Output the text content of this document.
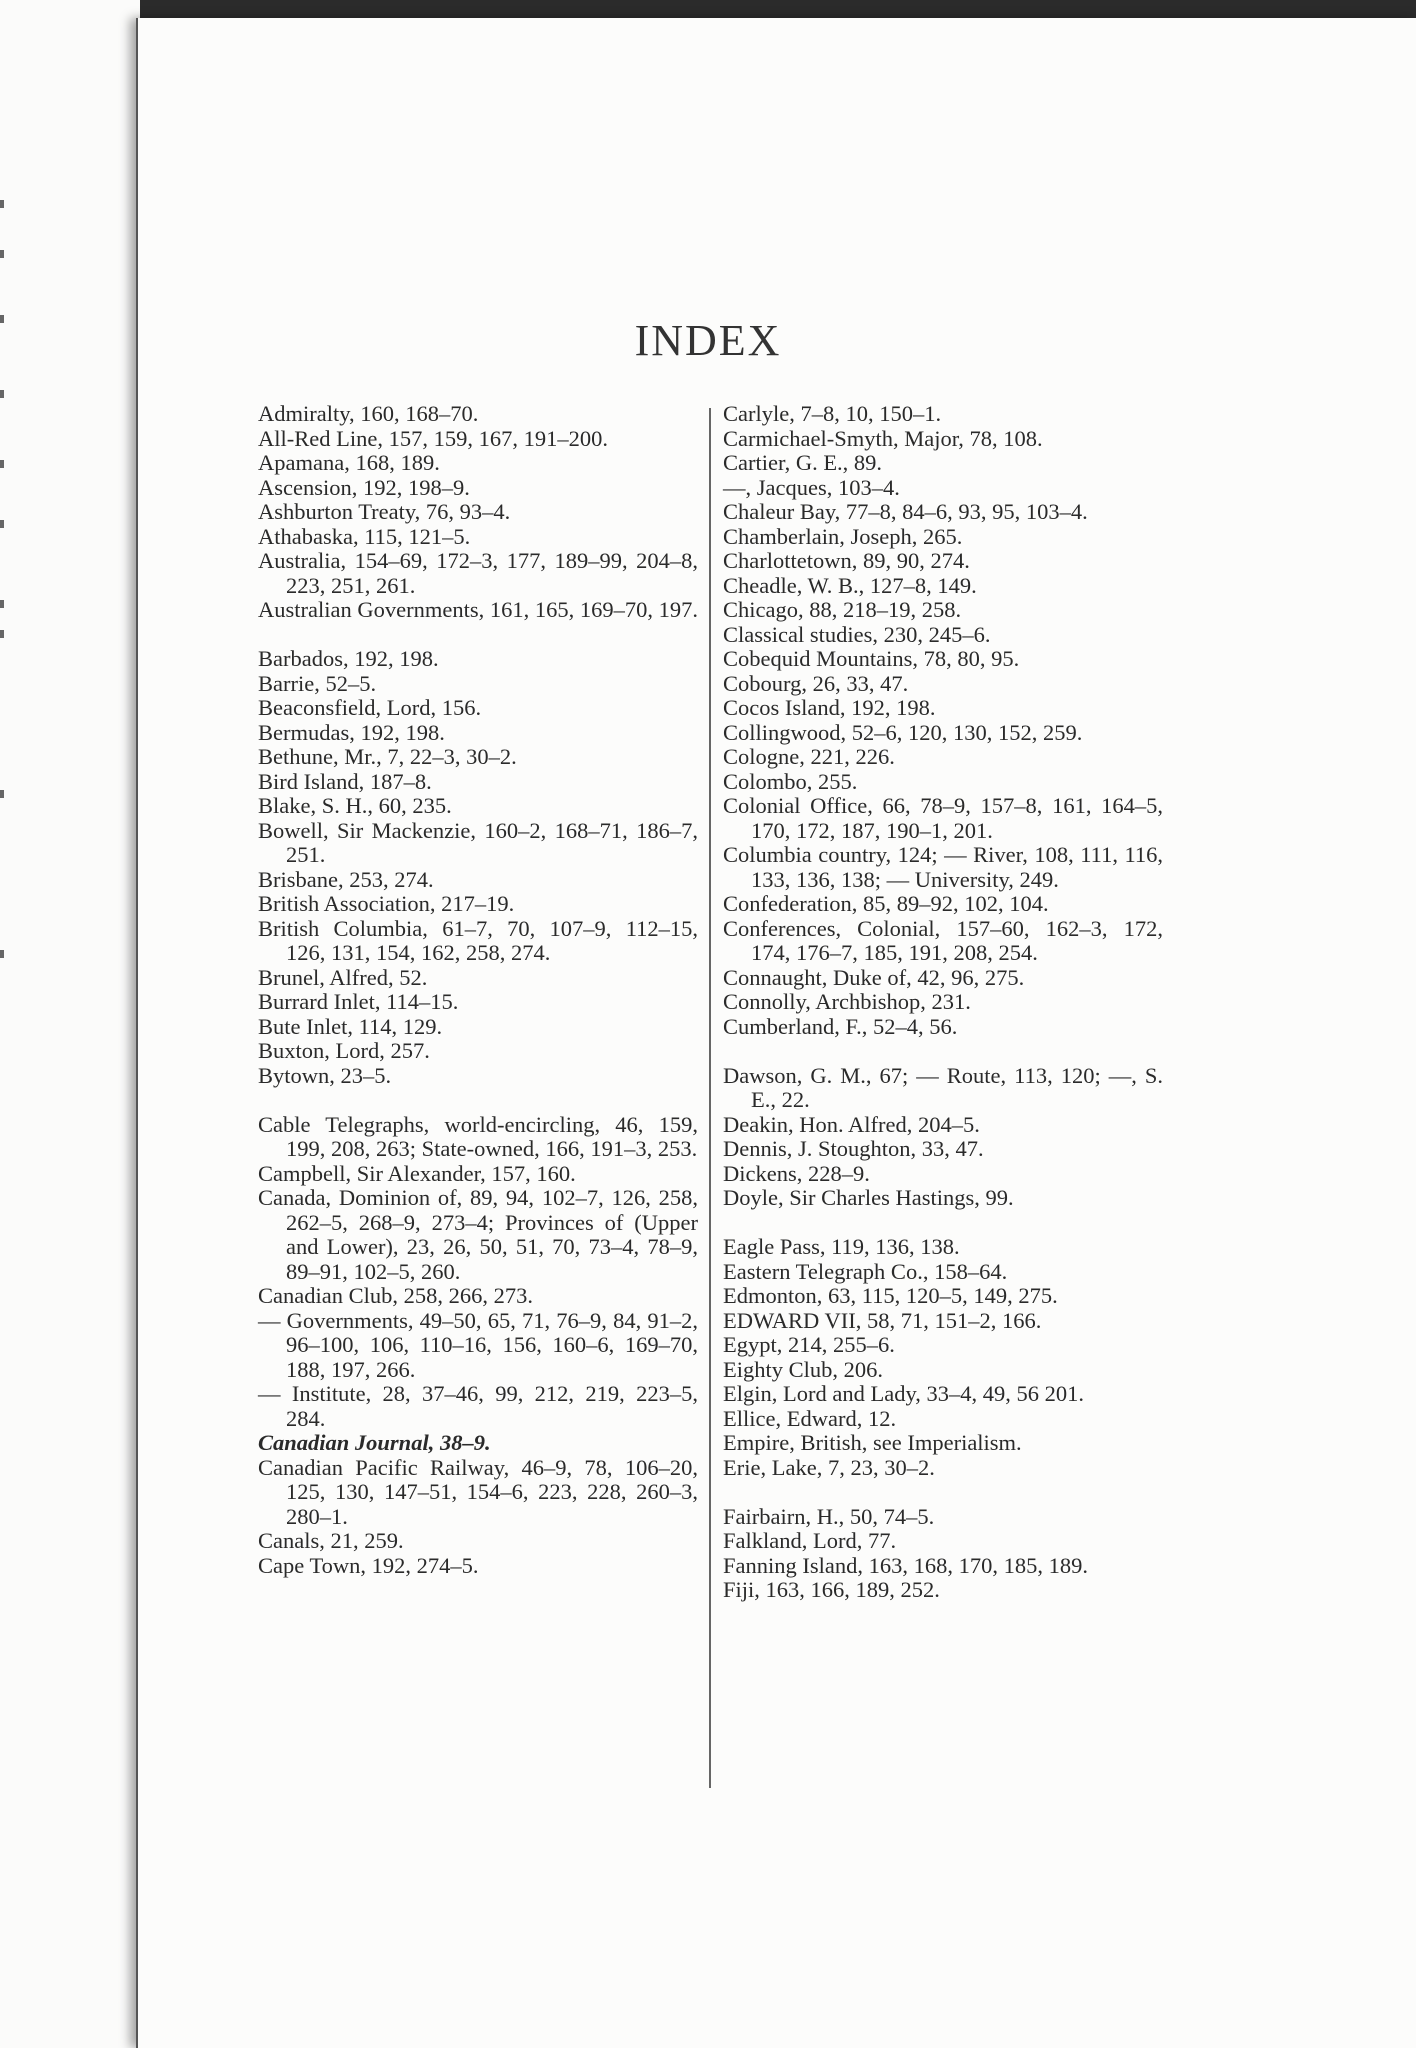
INDEX
Admiralty, 160, 168–70.
All-Red Line, 157, 159, 167, 191–200.
Apamana, 168, 189.
Ascension, 192, 198–9.
Ashburton Treaty, 76, 93–4.
Athabaska, 115, 121–5.
Australia, 154–69, 172–3, 177, 189–99, 204–8, 223, 251, 261.
Australian Governments, 161, 165, 169–70, 197.
Barbados, 192, 198.
Barrie, 52–5.
Beaconsfield, Lord, 156.
Bermudas, 192, 198.
Bethune, Mr., 7, 22–3, 30–2.
Bird Island, 187–8.
Blake, S. H., 60, 235.
Bowell, Sir Mackenzie, 160–2, 168–71, 186–7, 251.
Brisbane, 253, 274.
British Association, 217–19.
British Columbia, 61–7, 70, 107–9, 112–15, 126, 131, 154, 162, 258, 274.
Brunel, Alfred, 52.
Burrard Inlet, 114–15.
Bute Inlet, 114, 129.
Buxton, Lord, 257.
Bytown, 23–5.
Cable Telegraphs, world-encircling, 46, 159, 199, 208, 263; State-owned, 166, 191–3, 253.
Campbell, Sir Alexander, 157, 160.
Canada, Dominion of, 89, 94, 102–7, 126, 258, 262–5, 268–9, 273–4; Provinces of (Upper and Lower), 23, 26, 50, 51, 70, 73–4, 78–9, 89–91, 102–5, 260.
Canadian Club, 258, 266, 273.
— Governments, 49–50, 65, 71, 76–9, 84, 91–2, 96–100, 106, 110–16, 156, 160–6, 169–70, 188, 197, 266.
— Institute, 28, 37–46, 99, 212, 219, 223–5, 284.
Canadian Journal, 38–9.
Canadian Pacific Railway, 46–9, 78, 106–20, 125, 130, 147–51, 154–6, 223, 228, 260–3, 280–1.
Canals, 21, 259.
Cape Town, 192, 274–5.
Carlyle, 7–8, 10, 150–1.
Carmichael-Smyth, Major, 78, 108.
Cartier, G. E., 89.
—, Jacques, 103–4.
Chaleur Bay, 77–8, 84–6, 93, 95, 103–4.
Chamberlain, Joseph, 265.
Charlottetown, 89, 90, 274.
Cheadle, W. B., 127–8, 149.
Chicago, 88, 218–19, 258.
Classical studies, 230, 245–6.
Cobequid Mountains, 78, 80, 95.
Cobourg, 26, 33, 47.
Cocos Island, 192, 198.
Collingwood, 52–6, 120, 130, 152, 259.
Cologne, 221, 226.
Colombo, 255.
Colonial Office, 66, 78–9, 157–8, 161, 164–5, 170, 172, 187, 190–1, 201.
Columbia country, 124; — River, 108, 111, 116, 133, 136, 138; — University, 249.
Confederation, 85, 89–92, 102, 104.
Conferences, Colonial, 157–60, 162–3, 172, 174, 176–7, 185, 191, 208, 254.
Connaught, Duke of, 42, 96, 275.
Connolly, Archbishop, 231.
Cumberland, F., 52–4, 56.
Dawson, G. M., 67; — Route, 113, 120; —, S. E., 22.
Deakin, Hon. Alfred, 204–5.
Dennis, J. Stoughton, 33, 47.
Dickens, 228–9.
Doyle, Sir Charles Hastings, 99.
Eagle Pass, 119, 136, 138.
Eastern Telegraph Co., 158–64.
Edmonton, 63, 115, 120–5, 149, 275.
EDWARD VII, 58, 71, 151–2, 166.
Egypt, 214, 255–6.
Eighty Club, 206.
Elgin, Lord and Lady, 33–4, 49, 56 201.
Ellice, Edward, 12.
Empire, British, see Imperialism.
Erie, Lake, 7, 23, 30–2.
Fairbairn, H., 50, 74–5.
Falkland, Lord, 77.
Fanning Island, 163, 168, 170, 185, 189.
Fiji, 163, 166, 189, 252.
